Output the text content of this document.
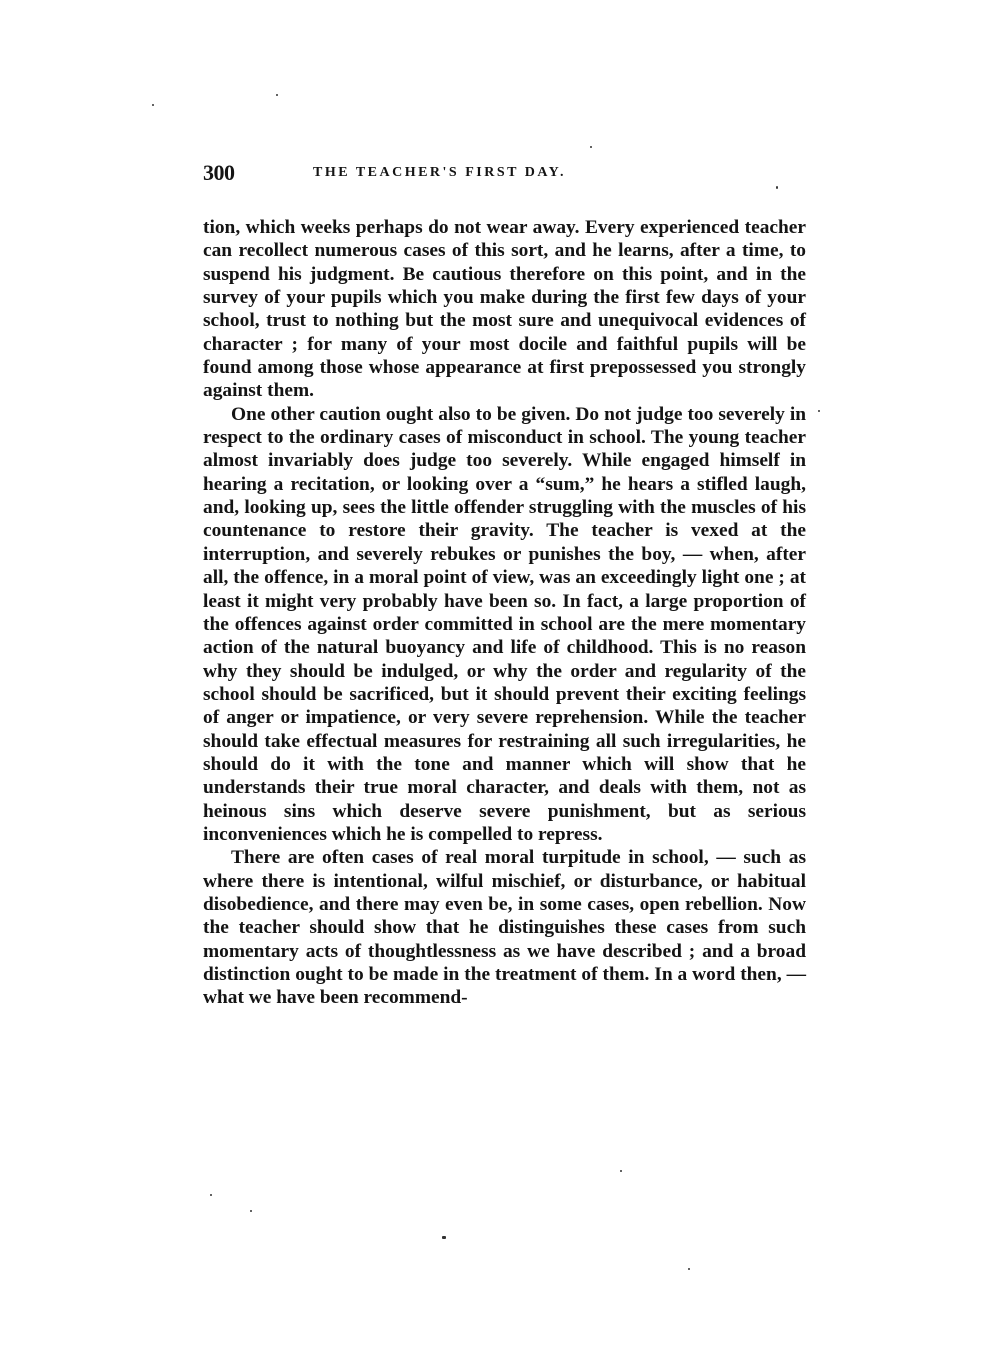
300	THE TEACHER'S FIRST DAY.

tion, which weeks perhaps do not wear away. Every experienced teacher can recollect numerous cases of this sort, and he learns, after a time, to suspend his judgment. Be cautious therefore on this point, and in the survey of your pupils which you make during the first few days of your school, trust to nothing but the most sure and unequivocal evidences of character ; for many of your most docile and faithful pupils will be found among those whose appearance at first prepossessed you strongly against them.

One other caution ought also to be given. Do not judge too severely in respect to the ordinary cases of misconduct in school. The young teacher almost invariably does judge too severely. While engaged himself in hearing a recitation, or looking over a “sum,” he hears a stifled laugh, and, looking up, sees the little offender struggling with the muscles of his countenance to restore their gravity. The teacher is vexed at the interruption, and severely rebukes or punishes the boy, — when, after all, the offence, in a moral point of view, was an exceedingly light one ; at least it might very probably have been so. In fact, a large proportion of the offences against order committed in school are the mere momentary action of the natural buoyancy and life of childhood. This is no reason why they should be indulged, or why the order and regularity of the school should be sacrificed, but it should prevent their exciting feelings of anger or impatience, or very severe reprehension. While the teacher should take effectual measures for restraining all such irregularities, he should do it with the tone and manner which will show that he understands their true moral character, and deals with them, not as heinous sins which deserve severe punishment, but as serious inconveniences which he is compelled to repress.

There are often cases of real moral turpitude in school, — such as where there is intentional, wilful mischief, or disturbance, or habitual disobedience, and there may even be, in some cases, open rebellion. Now the teacher should show that he distinguishes these cases from such momentary acts of thoughtlessness as we have described ; and a broad distinction ought to be made in the treatment of them. In a word then, — what we have been recommend-
